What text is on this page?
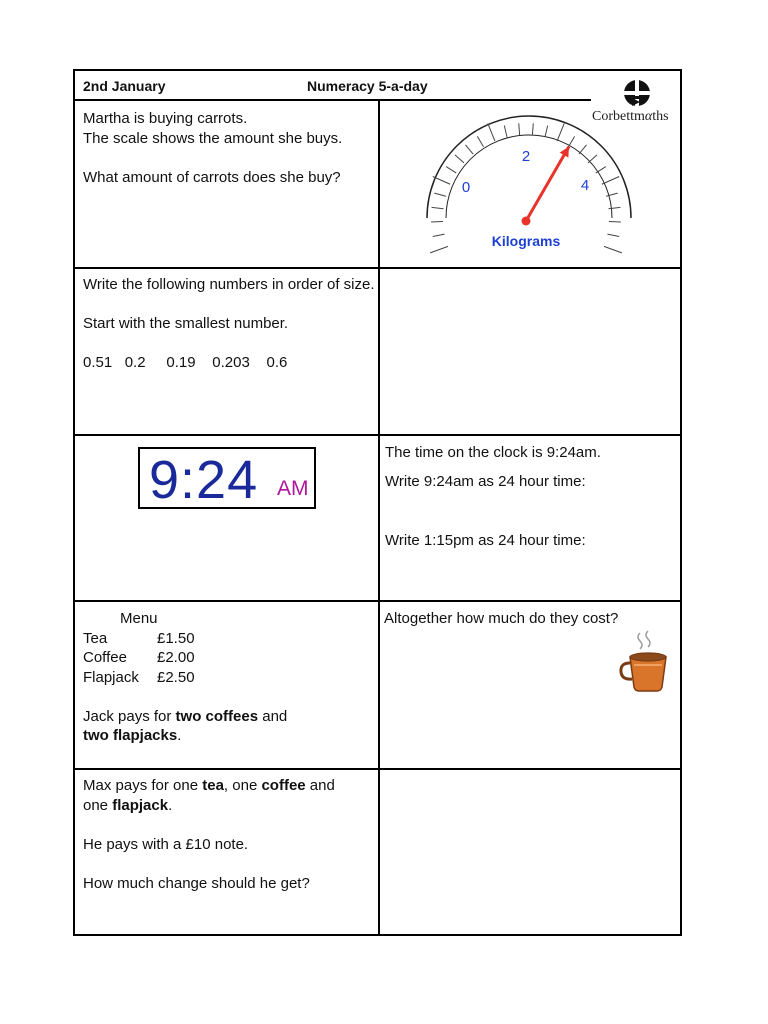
2nd January	Numeracy 5-a-day
Corbettmαths

Martha is buying carrots.

The scale shows the amount she buys.

What amount of carrots does she buy?

0
2
4
Kilograms

Write the following numbers in order of size.

Start with the smallest number.

0.51 0.2 0.19 0.203 0.6

9:24 AM

The time on the clock is 9:24am.

Write 9:24am as 24 hour time:

Write 1:15pm as 24 hour time:

Menu

Tea	£1.50

Coffee £2.00

Flapjack £2.50

Jack pays for two coffees and

two flapjacks.

Altogether how much do they cost?

Max pays for one tea, one coffee and

one flapjack.

He pays with a £10 note.

How much change should he get?
